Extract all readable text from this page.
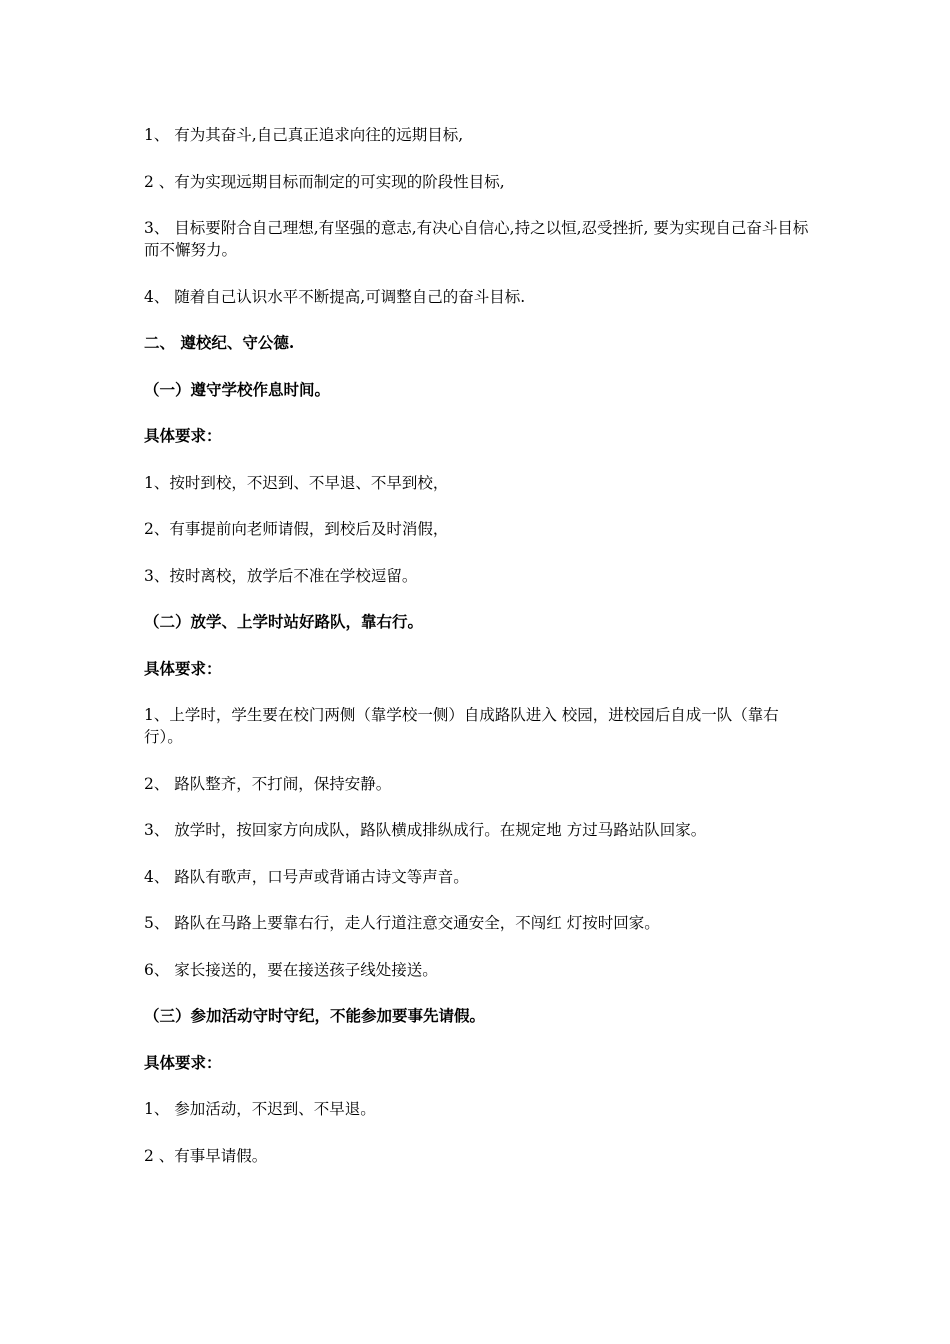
1、 有为其奋斗,自己真正追求向往的远期目标,

2 、有为实现远期目标而制定的可实现的阶段性目标,

3、 目标要附合自己理想,有坚强的意志,有决心自信心,持之以恒,忍受挫折, 要为实现自己奋斗目标而不懈努力。

4、 随着自己认识水平不断提高,可调整自己的奋斗目标.

二、 遵校纪、守公德.

（一）遵守学校作息时间。

具体要求：

1、按时到校，不迟到、不早退、不早到校，

2、有事提前向老师请假，到校后及时消假，

3、按时离校，放学后不准在学校逗留。

（二）放学、上学时站好路队，靠右行。

具体要求：

1、上学时，学生要在校门两侧（靠学校一侧）自成路队进入 校园，进校园后自成一队（靠右行）。

2、 路队整齐，不打闹，保持安静。

3、 放学时，按回家方向成队，路队横成排纵成行。在规定地 方过马路站队回家。

4、 路队有歌声，口号声或背诵古诗文等声音。

5、 路队在马路上要靠右行，走人行道注意交通安全，不闯红 灯按时回家。

6、 家长接送的，要在接送孩子线处接送。

（三）参加活动守时守纪，不能参加要事先请假。

具体要求：

1、 参加活动，不迟到、不早退。

2 、有事早请假。
